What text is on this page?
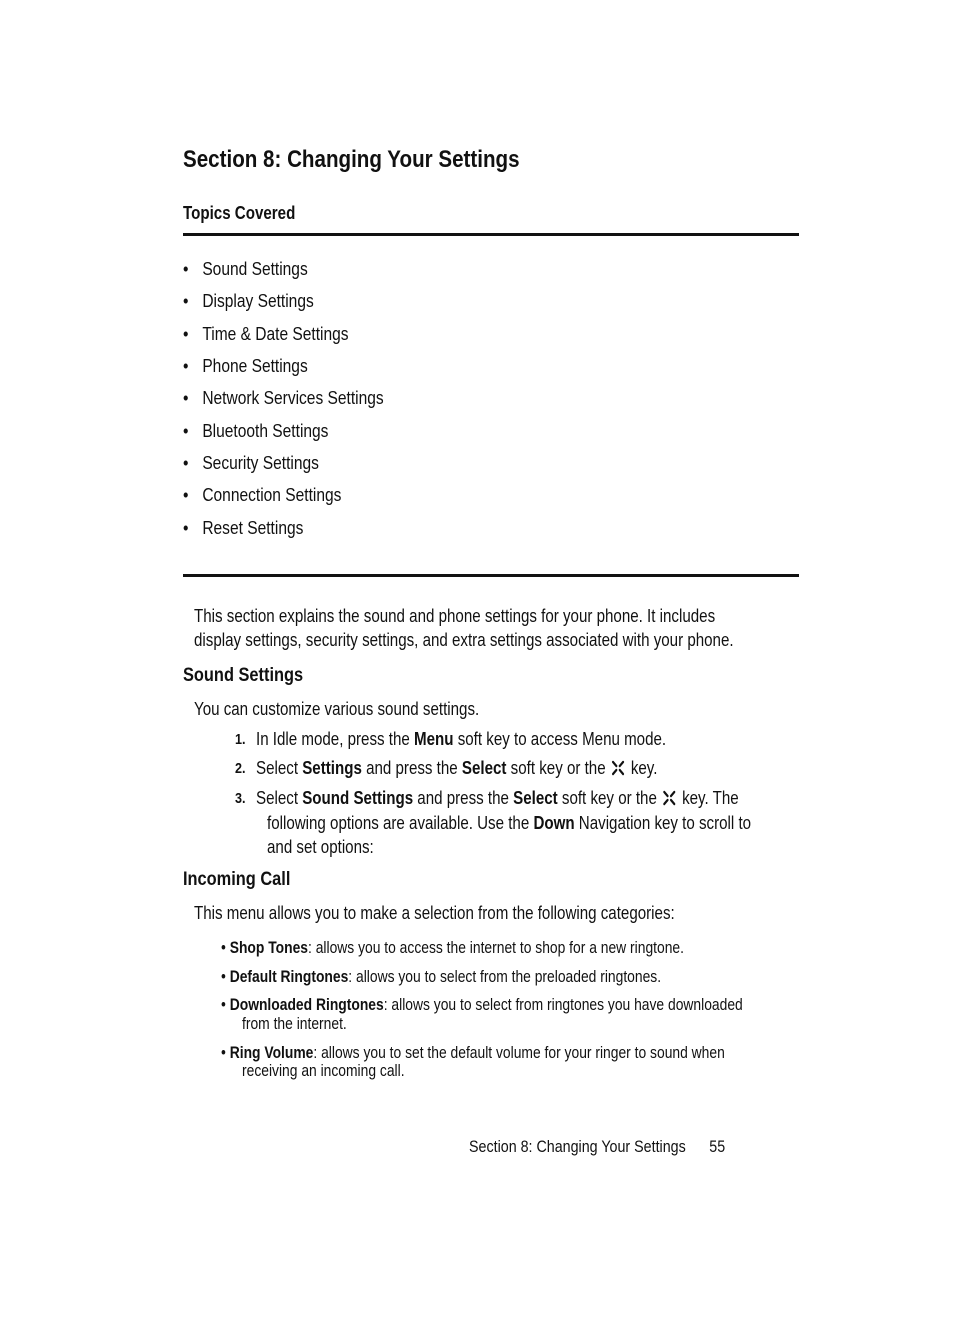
Section 8: Changing Your Settings
Topics Covered
• Sound Settings
• Display Settings
• Time & Date Settings
• Phone Settings
• Network Services Settings
• Bluetooth Settings
• Security Settings
• Connection Settings
• Reset Settings
This section explains the sound and phone settings for your phone. It includes
display settings, security settings, and extra settings associated with your phone.
Sound Settings
You can customize various sound settings.
1. In Idle mode, press the Menu soft key to access Menu mode.
2. Select Settings and press the Select soft key or the key.
3. Select Sound Settings and press the Select soft key or the key. The
following options are available. Use the Down Navigation key to scroll to
and set options:
Incoming Call
This menu allows you to make a selection from the following categories:
• Shop Tones: allows you to access the internet to shop for a new ringtone.
• Default Ringtones: allows you to select from the preloaded ringtones.
• Downloaded Ringtones: allows you to select from ringtones you have downloaded
from the internet.
• Ring Volume: allows you to set the default volume for your ringer to sound when
receiving an incoming call.
Section 8: Changing Your Settings 55
